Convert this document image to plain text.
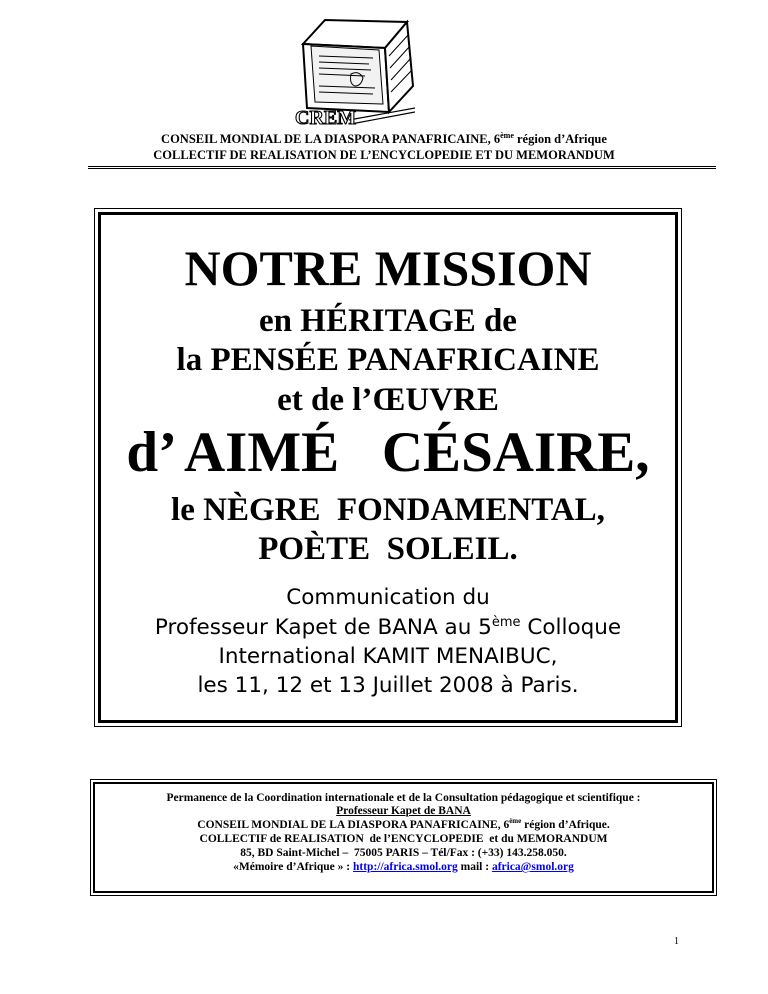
CREM
CONSEIL MONDIAL DE LA DIASPORA PANAFRICAINE, 6ème région d’Afrique
COLLECTIF DE REALISATION DE L’ENCYCLOPEDIE ET DU MEMORANDUM
NOTRE MISSION
en HÉRITAGE de
la PENSÉE PANAFRICAINE
et de l’ŒUVRE
d’ AIMÉ   CÉSAIRE,
le NÈGRE  FONDAMENTAL,
POÈTE  SOLEIL.
Communication du
Professeur Kapet de BANA au 5ème Colloque
International KAMIT MENAIBUC,
les 11, 12 et 13 Juillet 2008 à Paris.
Permanence de la Coordination internationale et de la Consultation pédagogique et scientifique :
Professeur Kapet de BANA
CONSEIL MONDIAL DE LA DIASPORA PANAFRICAINE, 6ème région d’Afrique.
COLLECTIF de REALISATION  de l’ENCYCLOPEDIE  et du MEMORANDUM
85, BD Saint-Michel –  75005 PARIS – Tél/Fax : (+33) 143.258.050.
«Mémoire d’Afrique » : http://africa.smol.org mail : africa@smol.org
1
